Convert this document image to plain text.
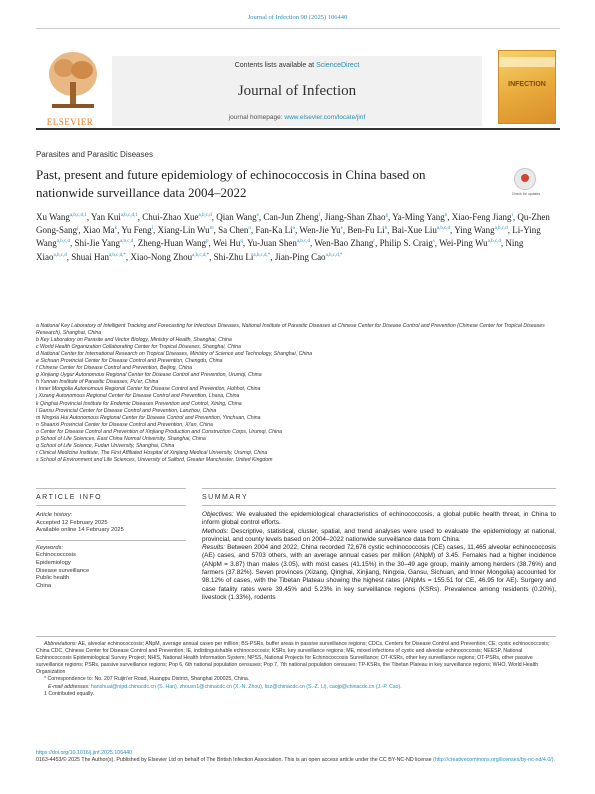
Journal of Infection 90 (2025) 106440
ELSEVIER
Contents lists available at ScienceDirect
Journal of Infection
journal homepage: www.elsevier.com/locate/jinf
INFECTION
Parasites and Parasitic Diseases
Past, present and future epidemiology of echinococcosis in China based on nationwide surveillance data 2004–2022	Check for updates
Xu Wang$^{a,b,c,d,1}$, Yan Kui$^{a,b,c,d,1}$, Chui-Zhao Xue$^{a,b,c,d}$, Qian Wang$^e$, Can-Jun Zheng$^f$, Jiang-Shan Zhao$^g$, Ya-Ming Yang$^h$, Xiao-Feng Jiang$^i$, Qu-Zhen Gong-Sang$^j$, Xiao Ma$^k$, Yu Feng$^l$, Xiang-Lin Wu$^m$, Sa Chen$^n$, Fan-Ka Li$^o$, Wen-Jie Yu$^e$, Ben-Fu Li$^h$, Bai-Xue Liu$^{a,b,c,d}$, Ying Wang$^{a,b,c,d}$, Li-Ying Wang$^{a,b,c,d}$, Shi-Jie Yang$^{a,b,c,d}$, Zheng-Huan Wang$^p$, Wei Hu$^q$, Yu-Juan Shen$^{a,b,c,d}$, Wen-Bao Zhang$^r$, Philip S. Craig$^s$, Wei-Ping Wu$^{a,b,c,d}$, Ning Xiao$^{a,b,c,d}$, Shuai Han$^{a,b,c,d,*}$, Xiao-Nong Zhou$^{a,b,c,d,*}$, Shi-Zhu $Li^{a,b,c,d,*}$, Jian-Ping Cao$^{a,b,c,d,*}$
a National Key Laboratory of Intelligent Tracking and Forecasting for Infectious Diseases, National Institute of Parasitic Diseases at Chinese Center for Disease Control and Prevention (Chinese Center for Tropical Diseases Research), Shanghai, China
b Key Laboratory on Parasite and Vector Biology, Ministry of Health, Shanghai, China
c World Health Organization Collaborating Center for Tropical Diseases, Shanghai, China
d National Center for International Research on Tropical Diseases, Ministry of Science and Technology, Shanghai, China
e Sichuan Provincial Center for Disease Control and Prevention, Chengdu, China
f Chinese Center for Disease Control and Prevention, Beijing, China
g Xinjiang Uygur Autonomous Regional Center for Disease Control and Prevention, Urumqi, China
h Yunnan Institute of Parasitic Diseases, Pu'er, China
i Inner Mongolia Autonomous Regional Center for Disease Control and Prevention, Hohhot, China
j Xizang Autonomous Regional Center for Disease Control and Prevention, Lhasa, China
k Qinghai Provincial Institute for Endemic Diseases Prevention and Control, Xining, China
l Gansu Provincial Center for Disease Control and Prevention, Lanzhou, China
m Ningxia Hui Autonomous Regional Center for Disease Control and Prevention, Yinchuan, China
n Shaanxi Provincial Center for Disease Control and Prevention, Xi'an, China
o Center for Disease Control and Prevention of Xinjiang Production and Construction Corps, Urumqi, China
p School of Life Sciences, East China Normal University, Shanghai, China
q School of Life Science, Fudan University, Shanghai, China
r Clinical Medicine Institute, The First Affiliated Hospital of Xinjiang Medical University, Urumqi, China
s School of Environment and Life Sciences, University of Salford, Greater Manchester, United Kingdom
ARTICLE INFO	SUMMARY
Article history:
Accepted 12 February 2025
Available online 14 February 2025
Keywords:
Echinococcosis
Epidemiology
Disease surveillance
Public health
China
Objectives: We evaluated the epidemiological characteristics of echinococcosis, a global public health threat, in China to inform global control efforts.
Methods: Descriptive, statistical, cluster, spatial, and trend analyses were used to evaluate the epidemiology at national, provincial, and county levels based on 2004–2022 nationwide surveillance data from China.
Results: Between 2004 and 2022, China recorded 72,676 cystic echinococcosis (CE) cases, 11,465 alveolar echinococcosis (AE) cases, and 5703 others, with an average annual cases per million (ANpM) of 3.45. Females had a higher incidence (ANpM = 3.87) than males (3.05), with most cases (41.15%) in the 30–49 age group, mainly among herders (38.76%) and farmers (37.82%). Seven provinces (Xizang, Qinghai, Xinjiang, Ningxia, Gansu, Sichuan, and Inner Mongolia) accounted for 98.12% of cases, with the Tibetan Plateau showing the highest rates (ANpMs = 155.51 for CE, 46.95 for AE). Surgery and case fatality rates were 39.45% and 5.23% in key surveillance regions (KSRs). Prevalence among residents (0.20%), livestock (1.33%), rodents
Abbreviations: AE, alveolar echinococcosis; ANpM, average annual cases per million; BS-PSRs, buffer areas in passive surveillance regions; CDCs, Centers for Disease Control and Prevention; CE, cystic echinococcosis; China CDC, Chinese Center for Disease Control and Prevention; IE, indistinguishable echinococcosis; KSRs, key surveillance regions; ME, mixed infections of cystic and alveolar echinococcosis; NEESP, National Echinococcosis Epidemiological Survey Project; NHIS, National Health Information System; NPSS, National Projects for Echinococcosis Surveillance; OT-KSRs, other key surveillance regions; OT-PSRs, other passive surveillance regions; PSRs, passive surveillance regions; Pop 6, 6th national population censuses; Pop 7, 7th national population censuses; TP-KSRs, the Tibetan Plateau in key surveillance regions; WHO, World Health Organization
* Correspondence to: No. 207 Ruijin'er Road, Huangpu District, Shanghai 200025, China.
E-mail addresses: hanshuai@nipd.chinacdc.cn (S. Han), zhouxn1@chinacdc.cn (X.-N. Zhou), lisz@chinacdc.cn (S.-Z. Li), caojp@chinacdc.cn (J.-P. Cao).
1 Contributed equally.
https://doi.org/10.1016/j.jinf.2025.106440
0163-4453/© 2025 The Author(s). Published by Elsevier Ltd on behalf of The British Infection Association. This is an open access article under the CC BY-NC-ND license (http://creativecommons.org/licenses/by-nc-nd/4.0/).
